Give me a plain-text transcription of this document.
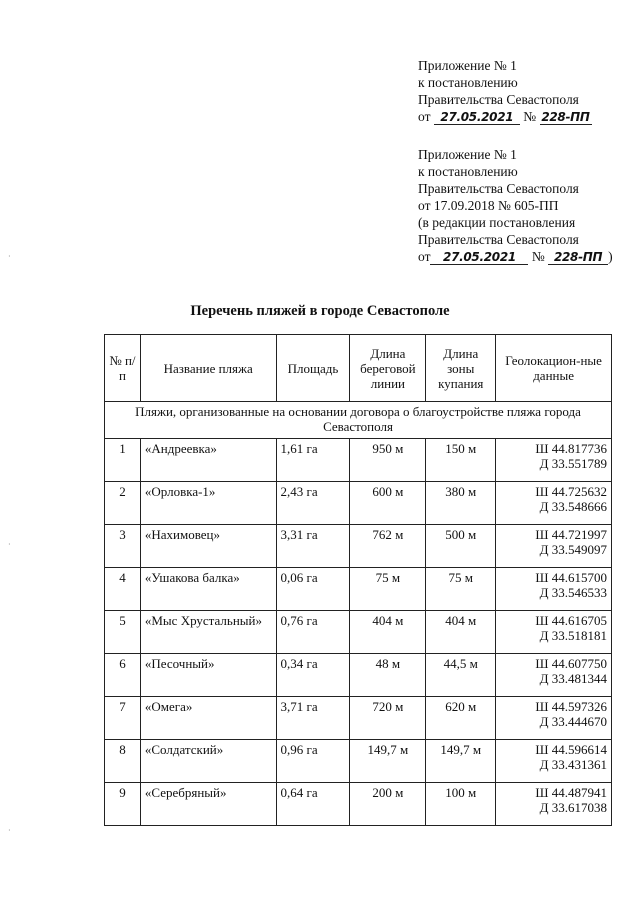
Приложение № 1
к постановлению
Правительства Севастополя
от 27.05.2021 № 228-ПП
Приложение № 1
к постановлению
Правительства Севастополя
от 17.09.2018 № 605-ПП
(в редакции постановления
Правительства Севастополя
от 27.05.2021 № 228-ПП )
Перечень пляжей в городе Севастополе
№ п/п	Название пляжа	Площадь	Длина береговой линии	Длина зоны купания	Геолокацион-ные данные
Пляжи, организованные на основании договора о благоустройстве пляжа города Севастополя					
1	«Андреевка»	1,61 га	950 м	150 м	Ш 44.817736
Д 33.551789

2	«Орловка-1»	2,43 га	600 м	380 м	Ш 44.725632
Д 33.548666

3	«Нахимовец»	3,31 га	762 м	500 м	Ш 44.721997
Д 33.549097

4	«Ушакова балка»	0,06 га	75 м	75 м	Ш 44.615700
Д 33.546533

5	«Мыс Хрустальный»	0,76 га	404 м	404 м	Ш 44.616705
Д 33.518181

6	«Песочный»	0,34 га	48 м	44,5 м	Ш 44.607750
Д 33.481344

7	«Омега»	3,71 га	720 м	620 м	Ш 44.597326
Д 33.444670

8	«Солдатский»	0,96 га	149,7 м	149,7 м	Ш 44.596614
Д 33.431361

9	«Серебряный»	0,64 га	200 м	100 м	Ш 44.487941
Д 33.617038
·
·
·
